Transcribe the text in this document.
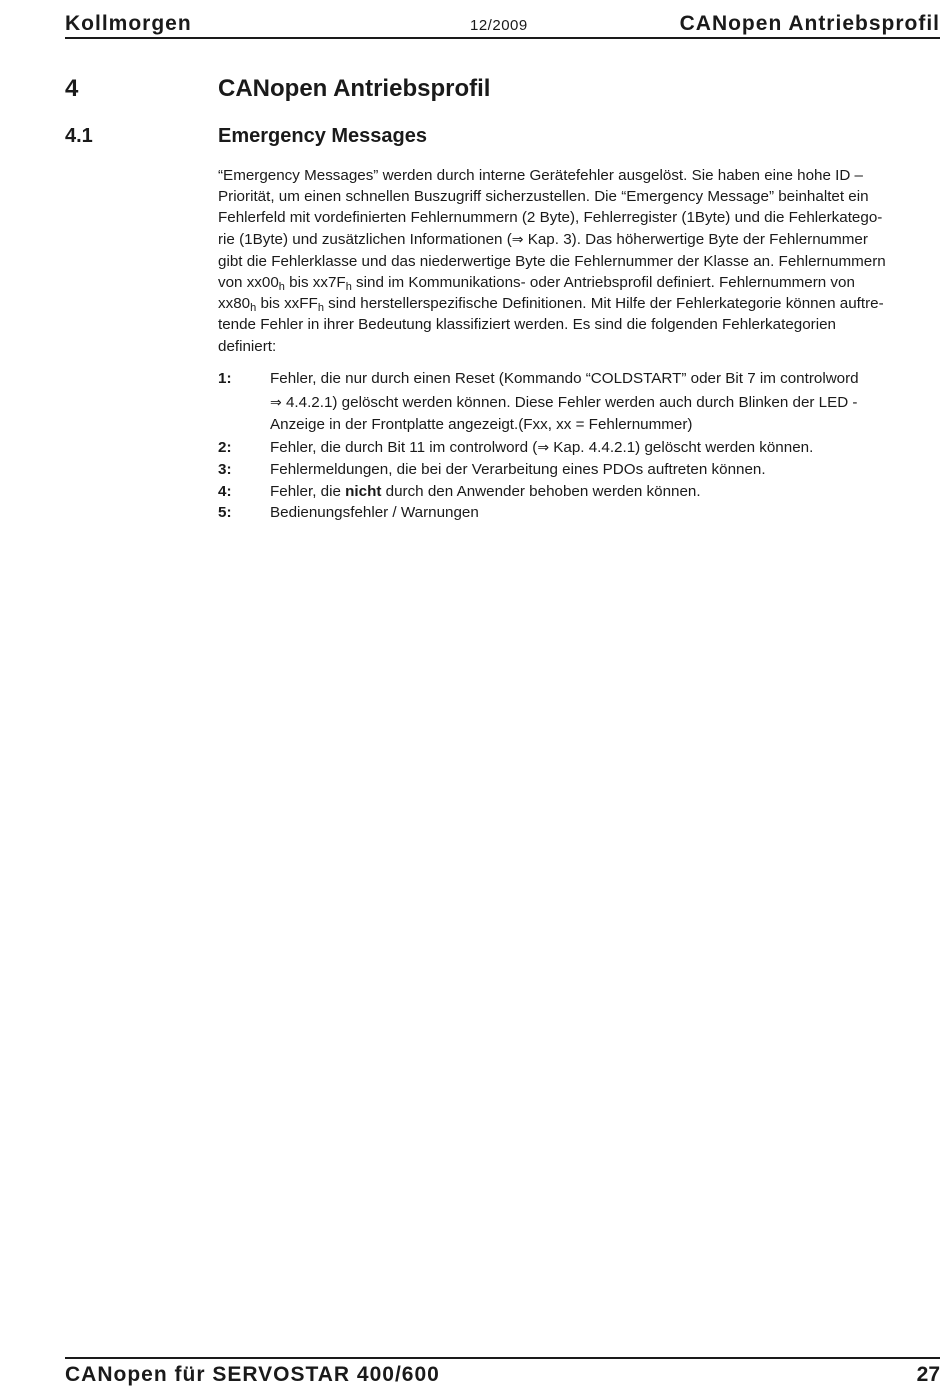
Kollmorgen	12/2009	CANopen Antriebsprofil
4	CANopen Antriebsprofil
4.1	Emergency Messages
“Emergency Messages” werden durch interne Gerätefehler ausgelöst. Sie haben eine hohe ID –
Priorität, um einen schnellen Buszugriff sicherzustellen. Die “Emergency Message” beinhaltet ein
Fehlerfeld mit vordefinierten Fehlernummern (2 Byte), Fehlerregister (1Byte) und die Fehlerkatego-
rie (1Byte) und zusätzlichen Informationen (⇒ Kap. 3). Das höherwertige Byte der Fehlernummer
gibt die Fehlerklasse und das niederwertige Byte die Fehlernummer der Klasse an. Fehlernummern
von $xx00_h$ bis $xx7F_h$ sind im Kommunikations- oder Antriebsprofil definiert. Fehlernummern von
$xx80_h$ bis xxFF$_h$ sind herstellerspezifische Definitionen. Mit Hilfe der Fehlerkategorie können auftre-
tende Fehler in ihrer Bedeutung klassifiziert werden. Es sind die folgenden Fehlerkategorien
definiert:
1:	Fehler, die nur durch einen Reset (Kommando “COLDSTART” oder Bit 7 im controlword
⇒ 4.4.2.1) gelöscht werden können. Diese Fehler werden auch durch Blinken der LED -
Anzeige in der Frontplatte angezeigt.(Fxx, xx = Fehlernummer)
2:	Fehler, die durch Bit 11 im controlword (⇒ Kap. 4.4.2.1) gelöscht werden können.
3:	Fehlermeldungen, die bei der Verarbeitung eines PDOs auftreten können.
4:	Fehler, die nicht durch den Anwender behoben werden können.
5:	Bedienungsfehler / Warnungen
CANopen für SERVOSTAR 400/600	27
